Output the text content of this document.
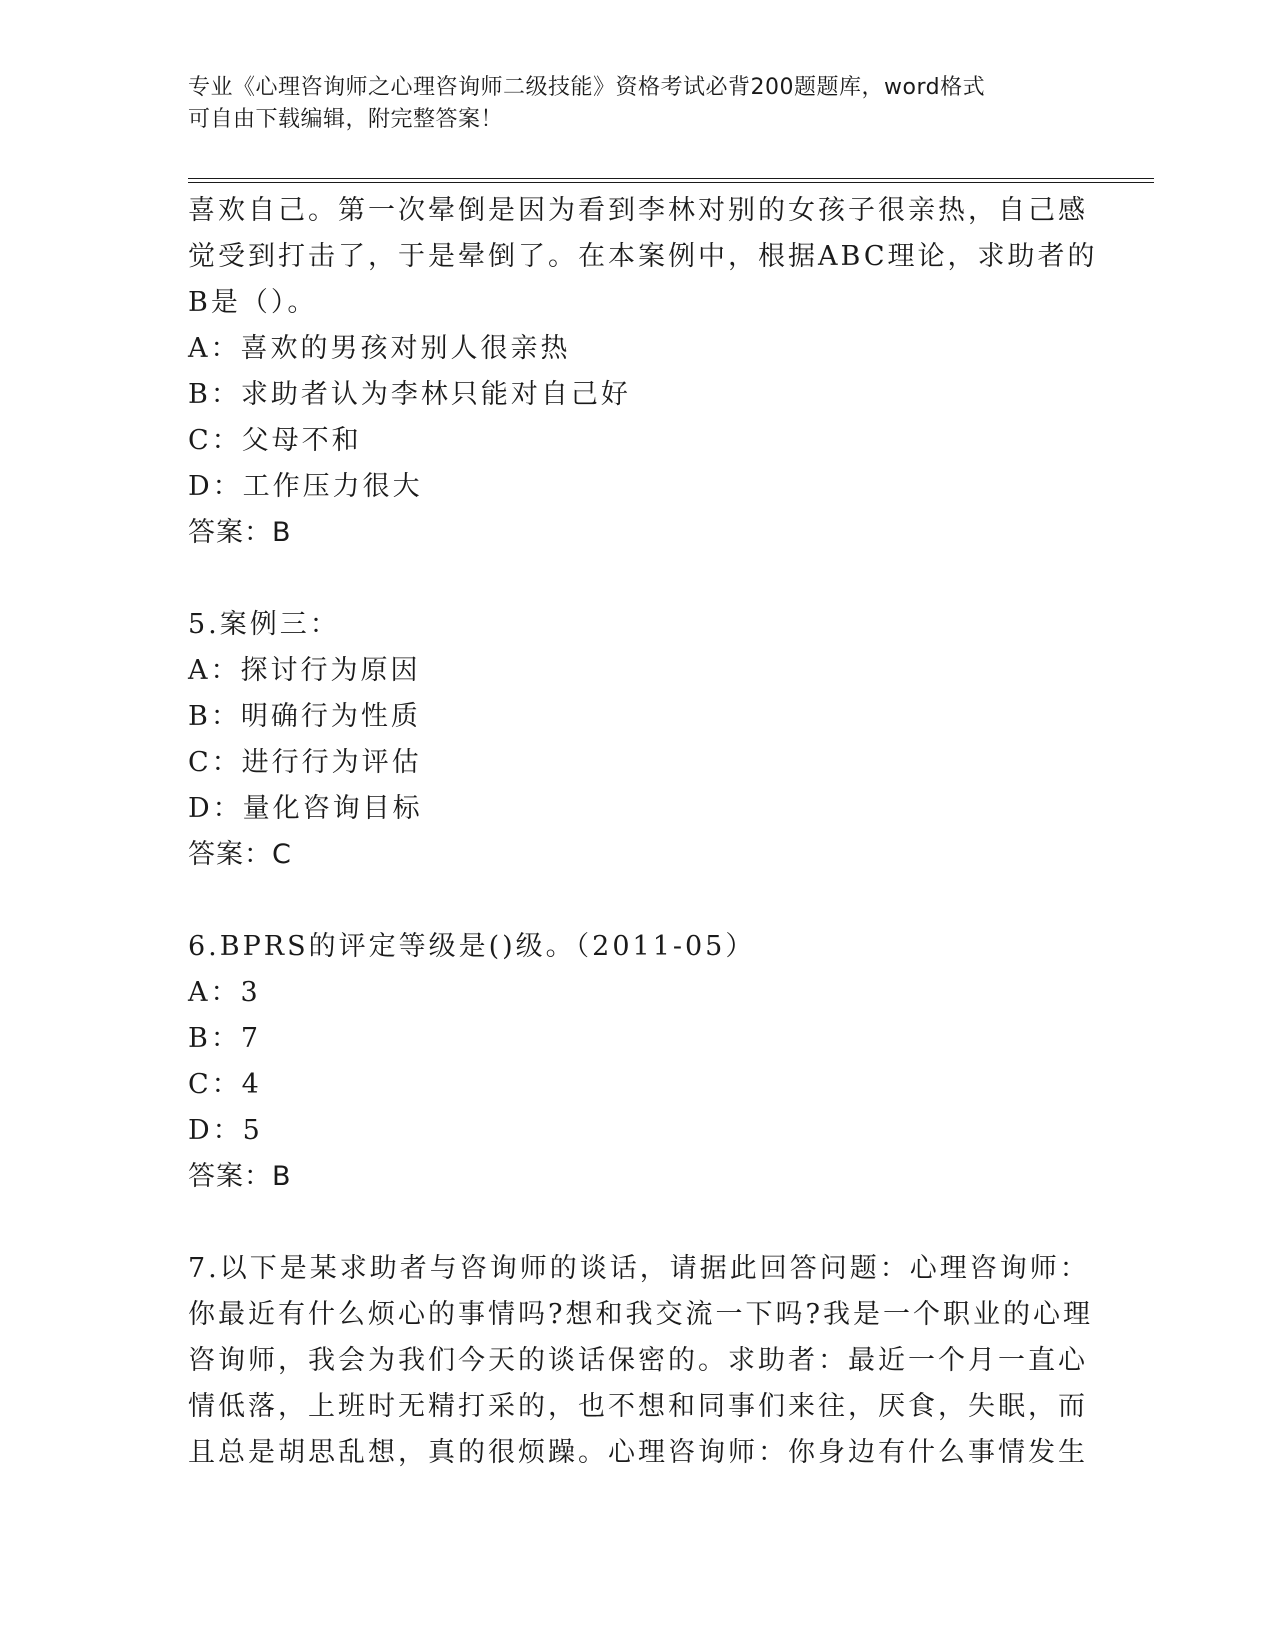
专业《心理咨询师之心理咨询师二级技能》资格考试必背200题题库，word格式
可自由下载编辑，附完整答案！
喜欢自己。第一次晕倒是因为看到李林对别的女孩子很亲热，自己感
觉受到打击了，于是晕倒了。在本案例中，根据ABC理论，求助者的
B是（）。
A：喜欢的男孩对别人很亲热
B：求助者认为李林只能对自己好
C：父母不和
D：工作压力很大
答案：B
5.案例三：
A：探讨行为原因
B：明确行为性质
C：进行行为评估
D：量化咨询目标
答案：C
6.BPRS的评定等级是()级。（2011-05）
A：3
B：7
C：4
D：5
答案：B
7.以下是某求助者与咨询师的谈话，请据此回答问题：心理咨询师：
你最近有什么烦心的事情吗?想和我交流一下吗?我是一个职业的心理
咨询师，我会为我们今天的谈话保密的。求助者：最近一个月一直心
情低落，上班时无精打采的，也不想和同事们来往，厌食，失眠，而
且总是胡思乱想，真的很烦躁。心理咨询师：你身边有什么事情发生
